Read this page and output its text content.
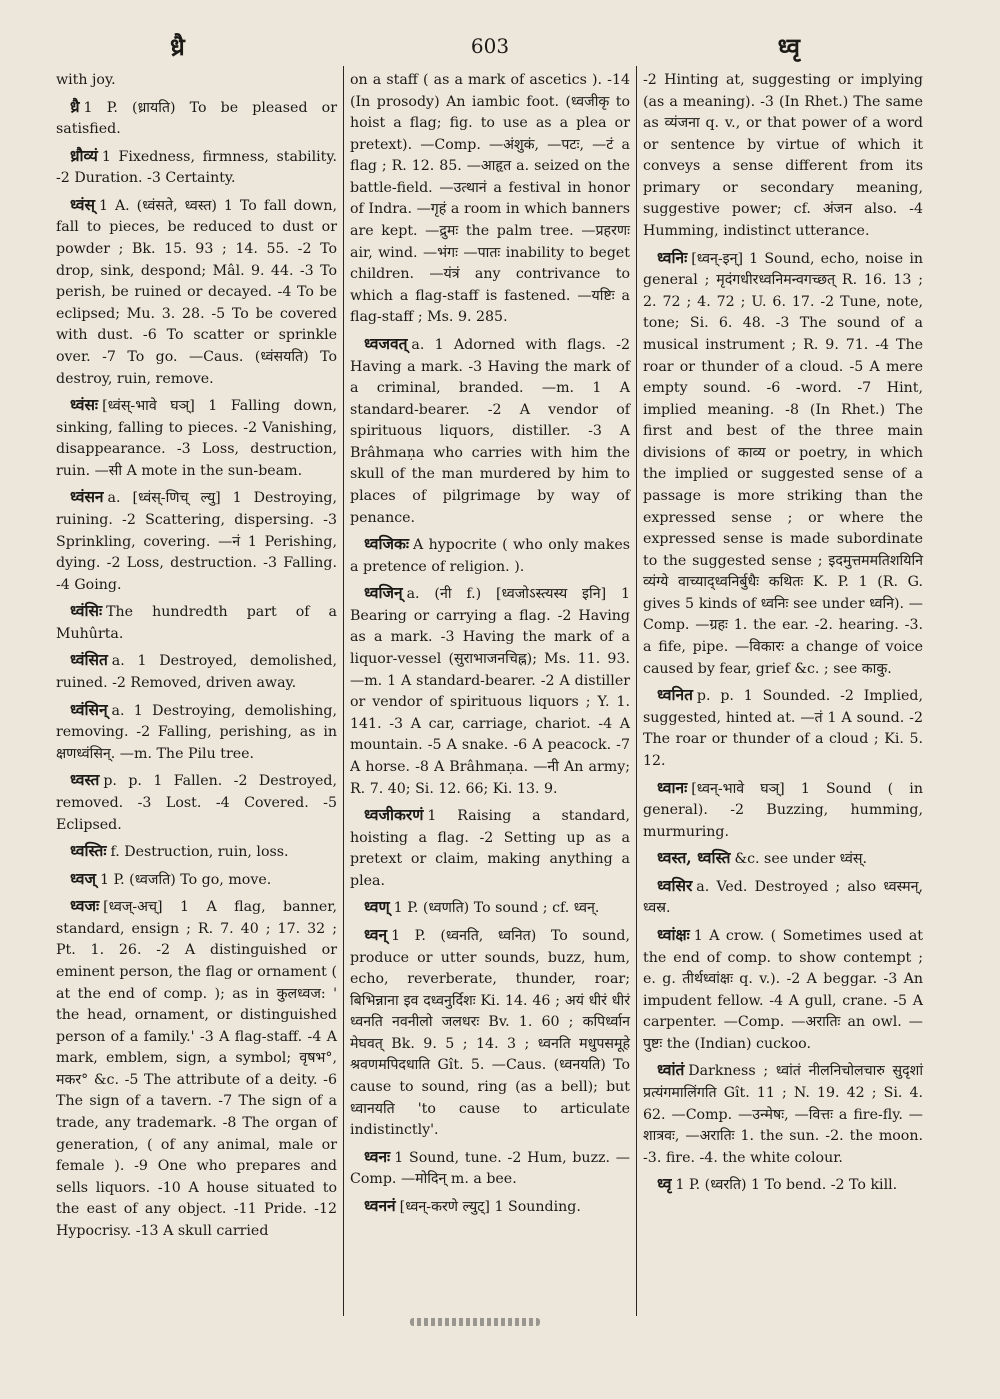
ध्रै	603	ध्वृ

with joy.

ध्रै 1 P. (ध्रायति) To be pleased or satisfied.

ध्रौव्यं 1 Fixedness, firmness, stability. -2 Duration. -3 Certainty.

ध्वंस् 1 A. (ध्वंसते, ध्वस्त) 1 To fall down, fall to pieces, be reduced to dust or powder ; Bk. 15. 93 ; 14. 55. -2 To drop, sink, despond; Mâl. 9. 44. -3 To perish, be ruined or decayed. -4 To be eclipsed; Mu. 3. 28. -5 To be covered with dust. -6 To scatter or sprinkle over. -7 To go. —Caus. (ध्वंसयति) To destroy, ruin, remove.

ध्वंसः [ध्वंस्-भावे घञ्] 1 Falling down, sinking, falling to pieces. -2 Vanishing, disappearance. -3 Loss, destruction, ruin. —सी A mote in the sun-beam.

ध्वंसन a. [ध्वंस्-णिच् ल्यु] 1 Destroying, ruining. -2 Scattering, dispersing. -3 Sprinkling, covering. —नं 1 Perishing, dying. -2 Loss, destruction. -3 Falling. -4 Going.

ध्वंसिः The hundredth part of a Muhûrta.

ध्वंसित a. 1 Destroyed, demolished, ruined. -2 Removed, driven away.

ध्वंसिन् a. 1 Destroying, demolishing, removing. -2 Falling, perishing, as in क्षणध्वंसिन्. —m. The Pilu tree.

ध्वस्त p. p. 1 Fallen. -2 Destroyed, removed. -3 Lost. -4 Covered. -5 Eclipsed.

ध्वस्तिः f. Destruction, ruin, loss.

ध्वज् 1 P. (ध्वजति) To go, move.

ध्वजः [ध्वज्-अच्] 1 A flag, banner, standard, ensign ; R. 7. 40 ; 17. 32 ; Pt. 1. 26. -2 A distinguished or eminent person, the flag or ornament ( at the end of comp. ); as in कुलध्वज: ' the head, ornament, or distinguished person of a family.' -3 A flag-staff. -4 A mark, emblem, sign, a symbol; वृषभ°, मकर° &c. -5 The attribute of a deity. -6 The sign of a tavern. -7 The sign of a trade, any trademark. -8 The organ of generation, ( of any animal, male or female ). -9 One who prepares and sells liquors. -10 A house situated to the east of any object. -11 Pride. -12 Hypocrisy. -13 A skull carried

on a staff ( as a mark of ascetics ). -14 (In prosody) An iambic foot. (ध्वजीकृ to hoist a flag; fig. to use as a plea or pretext). —Comp. —अंशुकं, —पटः, —टं a flag ; R. 12. 85. —आहृत a. seized on the battle-field. —उत्थानं a festival in honor of Indra. —गृहं a room in which banners are kept. —द्रुमः the palm tree. —प्रहरणः air, wind. —भंगः —पातः inability to beget children. —यंत्रं any contrivance to which a flag-staff is fastened. —यष्टिः a flag-staff ; Ms. 9. 285.

ध्वजवत् a. 1 Adorned with flags. -2 Having a mark. -3 Having the mark of a criminal, branded. —m. 1 A standard-bearer. -2 A vendor of spirituous liquors, distiller. -3 A Brâhmaṇa who carries with him the skull of the man murdered by him to places of pilgrimage by way of penance.

ध्वजिकः A hypocrite ( who only makes a pretence of religion. ).

ध्वजिन् a. (नी f.) [ध्वजोऽस्त्यस्य इनि] 1 Bearing or carrying a flag. -2 Having as a mark. -3 Having the mark of a liquor-vessel (सुराभाजनचिह्न); Ms. 11. 93. —m. 1 A standard-bearer. -2 A distiller or vendor of spirituous liquors ; Y. 1. 141. -3 A car, carriage, chariot. -4 A mountain. -5 A snake. -6 A peacock. -7 A horse. -8 A Brâhmaṇa. —नी An army; R. 7. 40; Si. 12. 66; Ki. 13. 9.

ध्वजीकरणं 1 Raising a standard, hoisting a flag. -2 Setting up as a pretext or claim, making anything a plea.

ध्वण् 1 P. (ध्वणति) To sound ; cf. ध्वन्.

ध्वन् 1 P. (ध्वनति, ध्वनित) To sound, produce or utter sounds, buzz, hum, echo, reverberate, thunder, roar; बिभिन्नाना इव दध्वनुर्दिशः Ki. 14. 46 ; अयं धीरं धीरं ध्वनति नवनीलो जलधरः Bv. 1. 60 ; कपिर्ध्वान मेघवत् Bk. 9. 5 ; 14. 3 ; ध्वनति मधुपसमूहे श्रवणमपिदधाति Gît. 5. —Caus. (ध्वनयति) To cause to sound, ring (as a bell); but ध्वानयति 'to cause to articulate indistinctly'.

ध्वनः 1 Sound, tune. -2 Hum, buzz. —Comp. —मोदिन् m. a bee.

ध्वननं [ध्वन्-करणे ल्युट्] 1 Sounding.

-2 Hinting at, suggesting or implying (as a meaning). -3 (In Rhet.) The same as व्यंजना q. v., or that power of a word or sentence by virtue of which it conveys a sense different from its primary or secondary meaning, suggestive power; cf. अंजन also. -4 Humming, indistinct utterance.

ध्वनिः [ध्वन्-इन्] 1 Sound, echo, noise in general ; मृदंगधीरध्वनिमन्वगच्छत् R. 16. 13 ; 2. 72 ; 4. 72 ; U. 6. 17. -2 Tune, note, tone; Si. 6. 48. -3 The sound of a musical instrument ; R. 9. 71. -4 The roar or thunder of a cloud. -5 A mere empty sound. -6 -word. -7 Hint, implied meaning. -8 (In Rhet.) The first and best of the three main divisions of काव्य or poetry, in which the implied or suggested sense of a passage is more striking than the expressed sense ; or where the expressed sense is made subordinate to the suggested sense ; इदमुत्तममतिशयिनि व्यंग्ये वाच्याद्ध्वनिर्बुधैः कथितः K. P. 1 (R. G. gives 5 kinds of ध्वनिः see under ध्वनि). —Comp. —ग्रहः 1. the ear. -2. hearing. -3. a fife, pipe. —विकारः a change of voice caused by fear, grief &c. ; see काकु.

ध्वनित p. p. 1 Sounded. -2 Implied, suggested, hinted at. —तं 1 A sound. -2 The roar or thunder of a cloud ; Ki. 5. 12.

ध्वानः [ध्वन्-भावे घञ्] 1 Sound ( in general). -2 Buzzing, humming, murmuring.

ध्वस्त, ध्वस्ति &c. see under ध्वंस्.

ध्वसिर a. Ved. Destroyed ; also ध्वस्मन्, ध्वस्र.

ध्वांक्षः 1 A crow. ( Sometimes used at the end of comp. to show contempt ; e. g. तीर्थध्वांक्षः q. v.). -2 A beggar. -3 An impudent fellow. -4 A gull, crane. -5 A carpenter. —Comp. —अरातिः an owl. —पुष्टः the (Indian) cuckoo.

ध्वांतं Darkness ; ध्वांतं नीलनिचोलचारु सुदृशां प्रत्यंगमालिंगति Gît. 11 ; N. 19. 42 ; Si. 4. 62. —Comp. —उन्मेषः, —वित्तः a fire-fly. —शात्रवः, —अरातिः 1. the sun. -2. the moon. -3. fire. -4. the white colour.

ध्वृ 1 P. (ध्वरति) 1 To bend. -2 To kill.
